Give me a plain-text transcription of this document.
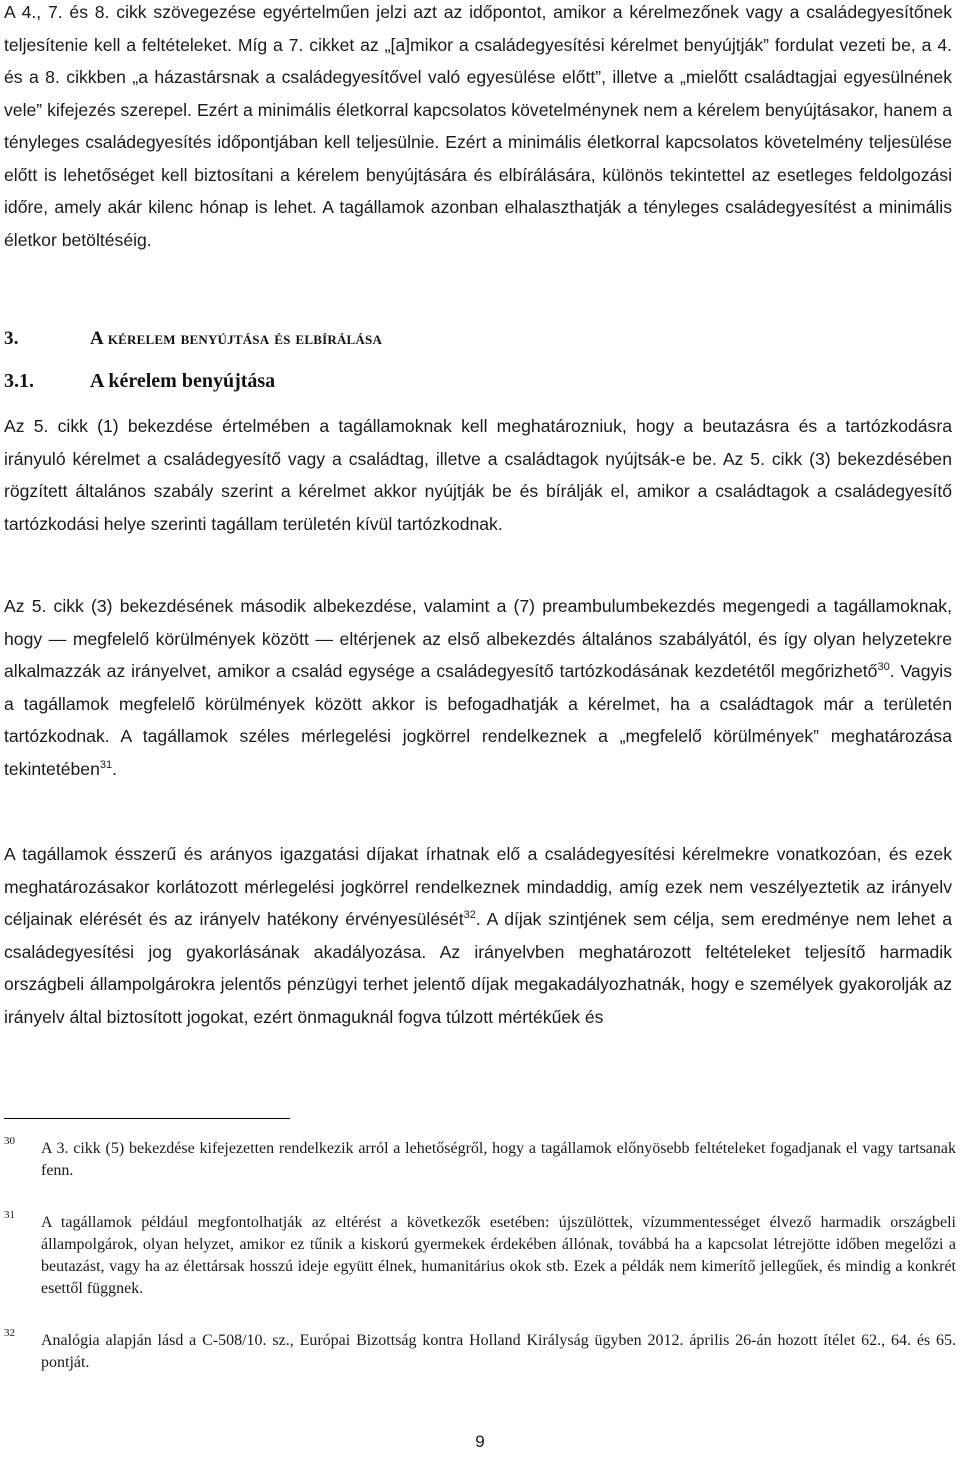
A 4., 7. és 8. cikk szövegezése egyértelműen jelzi azt az időpontot, amikor a kérelmezőnek vagy a családegyesítőnek teljesítenie kell a feltételeket. Míg a 7. cikket az „[a]mikor a családegyesítési kérelmet benyújtják” fordulat vezeti be, a 4. és a 8. cikkben „a házastársnak a családegyesítővel való egyesülése előtt”, illetve a „mielőtt családtagjai egyesülnének vele” kifejezés szerepel. Ezért a minimális életkorral kapcsolatos követelménynek nem a kérelem benyújtásakor, hanem a tényleges családegyesítés időpontjában kell teljesülnie. Ezért a minimális életkorral kapcsolatos követelmény teljesülése előtt is lehetőséget kell biztosítani a kérelem benyújtására és elbírálására, különös tekintettel az esetleges feldolgozási időre, amely akár kilenc hónap is lehet. A tagállamok azonban elhalaszthatják a tényleges családegyesítést a minimális életkor betöltéséig.

3.	A kérelem benyújtása és elbírálása
3.1.	A kérelem benyújtása

Az 5. cikk (1) bekezdése értelmében a tagállamoknak kell meghatározniuk, hogy a beutazásra és a tartózkodásra irányuló kérelmet a családegyesítő vagy a családtag, illetve a családtagok nyújtsák-e be. Az 5. cikk (3) bekezdésében rögzített általános szabály szerint a kérelmet akkor nyújtják be és bírálják el, amikor a családtagok a családegyesítő tartózkodási helye szerinti tagállam területén kívül tartózkodnak.

Az 5. cikk (3) bekezdésének második albekezdése, valamint a (7) preambulumbekezdés megengedi a tagállamoknak, hogy — megfelelő körülmények között — eltérjenek az első albekezdés általános szabályától, és így olyan helyzetekre alkalmazzák az irányelvet, amikor a család egysége a családegyesítő tartózkodásának kezdetétől megőrizhető$^{30}$. Vagyis a tagállamok megfelelő körülmények között akkor is befogadhatják a kérelmet, ha a családtagok már a területén tartózkodnak. A tagállamok széles mérlegelési jogkörrel rendelkeznek a „megfelelő körülmények” meghatározása tekintetében$^{31}$.

A tagállamok ésszerű és arányos igazgatási díjakat írhatnak elő a családegyesítési kérelmekre vonatkozóan, és ezek meghatározásakor korlátozott mérlegelési jogkörrel rendelkeznek mindaddig, amíg ezek nem veszélyeztetik az irányelv céljainak elérését és az irányelv hatékony érvényesülését$^{32}$. A díjak szintjének sem célja, sem eredménye nem lehet a családegyesítési jog gyakorlásának akadályozása. Az irányelvben meghatározott feltételeket teljesítő harmadik országbeli állampolgárokra jelentős pénzügyi terhet jelentő díjak megakadályozhatnák, hogy e személyek gyakorolják az irányelv által biztosított jogokat, ezért önmaguknál fogva túlzott mértékűek és

30 A 3. cikk (5) bekezdése kifejezetten rendelkezik arról a lehetőségről, hogy a tagállamok előnyösebb feltételeket fogadjanak el vagy tartsanak fenn.
31 A tagállamok például megfontolhatják az eltérést a következők esetében: újszülöttek, vízummentességet élvező harmadik országbeli állampolgárok, olyan helyzet, amikor ez tűnik a kiskorú gyermekek érdekében állónak, továbbá ha a kapcsolat létrejötte időben megelőzi a beutazást, vagy ha az élettársak hosszú ideje együtt élnek, humanitárius okok stb. Ezek a példák nem kimerítő jellegűek, és mindig a konkrét esettől függnek.
32 Analógia alapján lásd a C-508/10. sz., Európai Bizottság kontra Holland Királyság ügyben 2012. április 26-án hozott ítélet 62., 64. és 65. pontját.
9
